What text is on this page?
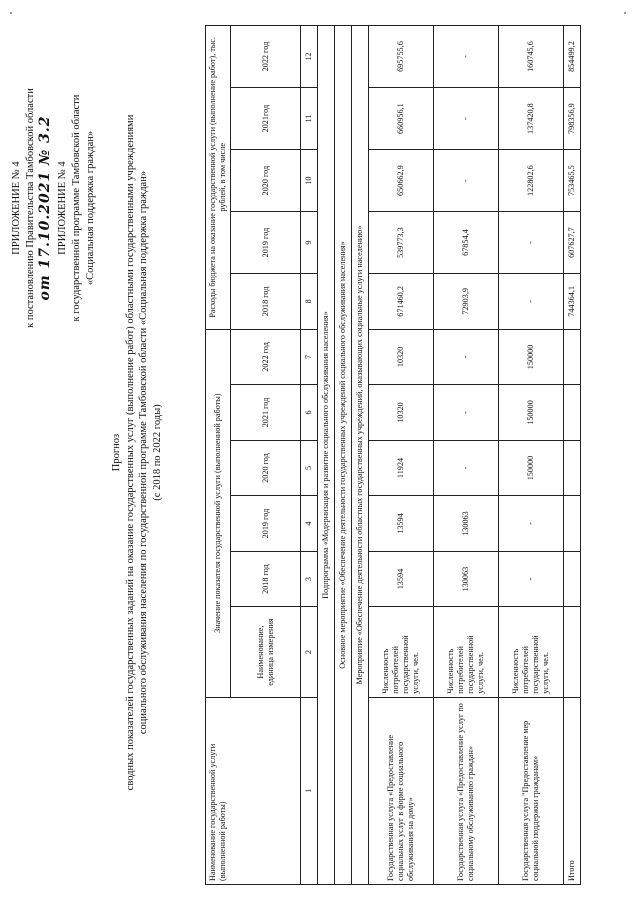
ПРИЛОЖЕНИЕ № 4 к постановлению Правительства Тамбовской области от 17.10.2021 № 3.2 ПРИЛОЖЕНИЕ № 4 к государственной программе Тамбовской области «Социальная поддержка граждан»
Прогноз сводных показателей государственных заданий на оказание государственных услуг (выполнение работ) областными государственными учреждениями социального обслуживания населения по государственной программе Тамбовской области «Социальная поддержка граждан» (с 2018 по 2022 годы)
Наименование государственной услуги (выполненной работы)	Значение показателя государственной услуги (выполненной работы)						Расходы бюджета на оказание государственной услуги (выполнение работ), тыс. рублей, в том числе				
	Наименование, единица измерения	2018 год	2019 год	2020 год	2021 год	2022 год	2018 год	2019 год	2020 год	2021год	2022 год
1	2	3	4	5	6	7	8	9	10	11	12
Подпрограмма «Модернизация и развитие социального обслуживания населения»											
Основное мероприятие «Обеспечение деятельности государственных учреждений социального обслуживания населения»											
Мероприятие «Обеспечение деятельности областных государственных учреждений, оказывающих социальные услуги населению»											
Государственная услуга «Предоставление социальных услуг в форме социального обслуживания на дому»	Численность потребителей государственной услуги, чел.	13594	13594	11924	10320	10320	671460,2	539773,3	650662,9	660956,1	695755,6
Государственная услуга «Предоставление услуг по социальному обслуживанию граждан»	Численность потребителей государственной услуги, чел.	130063	130063	-	-	-	72903,9	67854,4	-	-	-
Государственная услуга "Предоставление мер социальной поддержки гражданам»	Численность потребителей государственной услуги, чел.	-	-	150000	150000	150000	-	-	122802,6	137420,8	160745,6
Итого							744364,1	607627,7	753465,5	798356,9	854499,2
